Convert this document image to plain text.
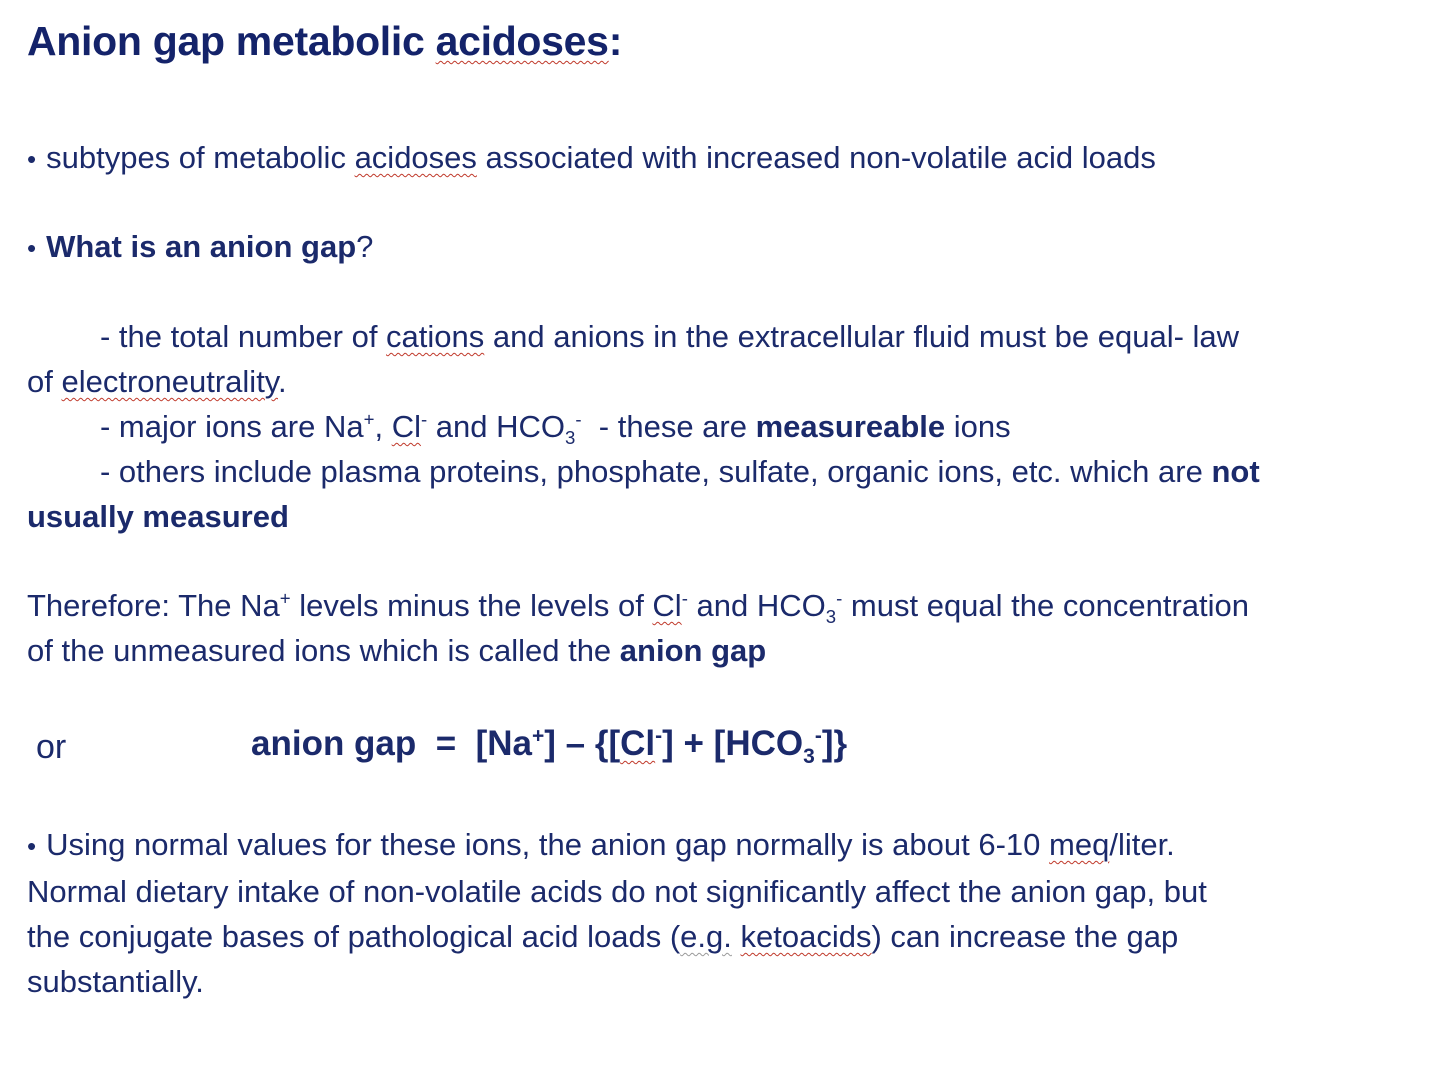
Anion gap metabolic acidoses:

• subtypes of metabolic acidoses associated with increased non-volatile acid loads

• What is an anion gap?

- the total number of cations and anions in the extracellular fluid must be equal- law
of electroneutrality.
- major ions are Na+, Cl- and $HCO_3^-$  - these are measureable ions
- others include plasma proteins, phosphate, sulfate, organic ions, etc. which are not
usually measured

Therefore: The Na+ levels minus the levels of Cl- and $HCO_3^-$ must equal the concentration
of the unmeasured ions which is called the anion gap

or	anion gap  =  $[Na^+] - \{[Cl^-] + [HCO_3^-]\}$

• Using normal values for these ions, the anion gap normally is about 6-10 meq/liter.
Normal dietary intake of non-volatile acids do not significantly affect the anion gap, but
the conjugate bases of pathological acid loads (e.g. ketoacids) can increase the gap
substantially.
